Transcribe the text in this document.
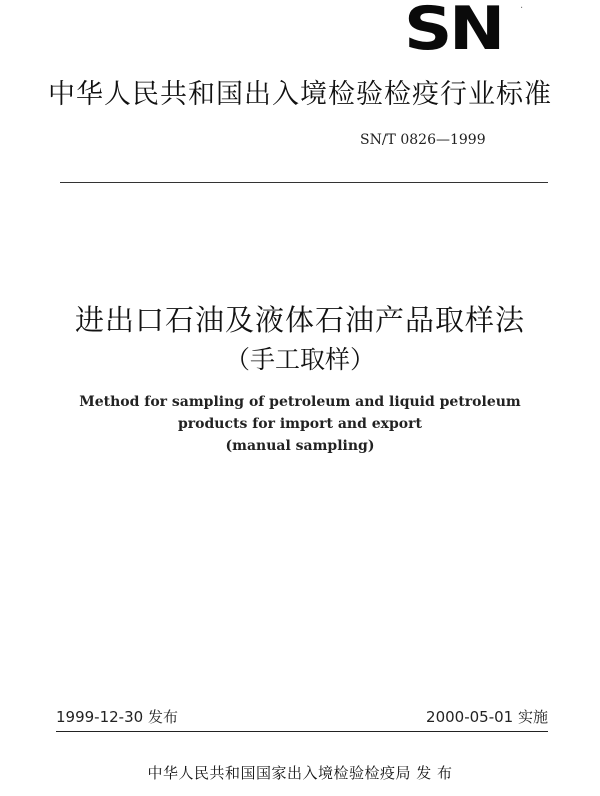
SN	·
中华人民共和国出入境检验检疫行业标准
SN/T 0826—1999
进出口石油及液体石油产品取样法
（手工取样）
Method for sampling of petroleum and liquid petroleum
products for import and export
(manual sampling)
1999-12-30 发布	2000-05-01 实施
中华人民共和国国家出入境检验检疫局 发 布
